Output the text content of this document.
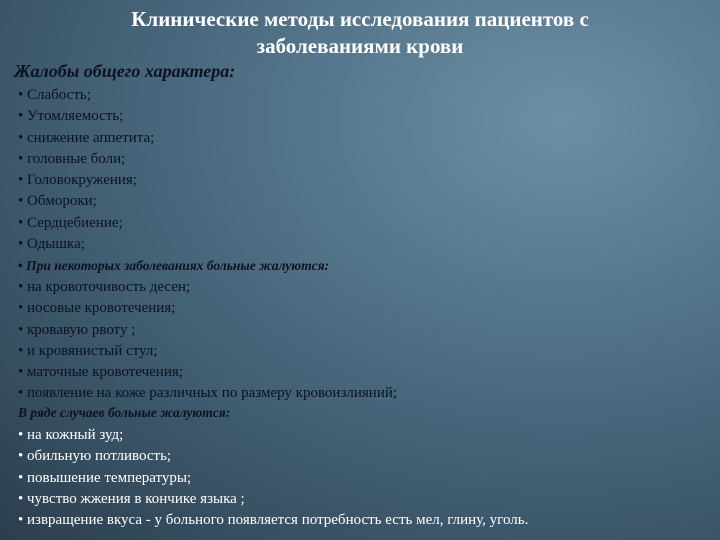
Клинические методы исследования пациентов с
заболеваниями крови
Жалобы общего характера:
• Слабость;
• Утомляемость;
• снижение аппетита;
• головные боли;
• Головокружения;
• Обмороки;
• Сердцебиение;
• Одышка;
• При некоторых заболеваниях больные жалуются:
• на кровоточивость десен;
• носовые кровотечения;
• кровавую рвоту ;
• и кровянистый стул;
• маточные кровотечения;
• появление на коже различных по размеру кровоизлияний;
В ряде случаев больные жалуются:
• на кожный зуд;
• обильную потливость;
• повышение температуры;
• чувство жжения в кончике языка ;
• извращение вкуса - у больного появляется потребность есть мел, глину, уголь.
